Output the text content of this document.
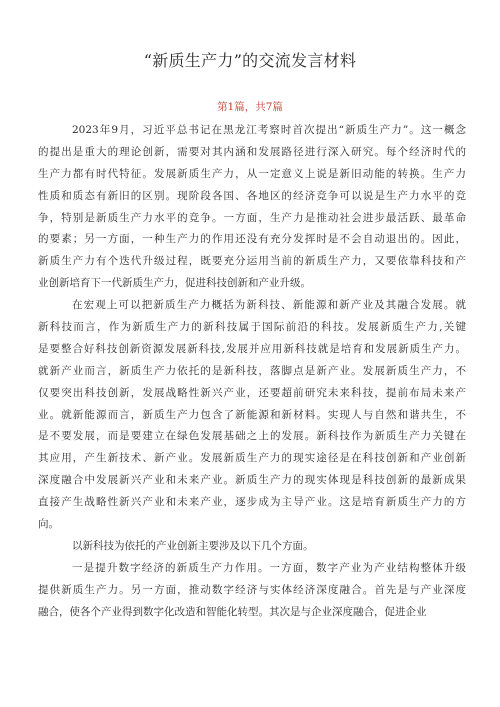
“新质生产力”的交流发言材料
第1篇，共7篇
2023年9月，习近平总书记在黑龙江考察时首次提出“新质生产力”。这一概念
的提出是重大的理论创新，需要对其内涵和发展路径进行深入研究。每个经济时代的
生产力都有时代特征。发展新质生产力，从一定意义上说是新旧动能的转换。生产力
性质和质态有新旧的区别。现阶段各国、各地区的经济竞争可以说是生产力水平的竞
争，特别是新质生产力水平的竞争。一方面，生产力是推动社会进步最活跃、最革命
的要素；另一方面，一种生产力的作用还没有充分发挥时是不会自动退出的。因此，
新质生产力有个迭代升级过程，既要充分运用当前的新质生产力，又要依靠科技和产
业创新培育下一代新质生产力，促进科技创新和产业升级。
在宏观上可以把新质生产力概括为新科技、新能源和新产业及其融合发展。就
新科技而言，作为新质生产力的新科技属于国际前沿的科技。发展新质生产力,关键
是要整合好科技创新资源发展新科技,发展并应用新科技就是培育和发展新质生产力。
就新产业而言，新质生产力依托的是新科技，落脚点是新产业。发展新质生产力，不
仅要突出科技创新，发展战略性新兴产业，还要超前研究未来科技，提前布局未来产
业。就新能源而言，新质生产力包含了新能源和新材料。实现人与自然和谐共生，不
是不要发展，而是要建立在绿色发展基础之上的发展。新科技作为新质生产力关键在
其应用，产生新技术、新产业。发展新质生产力的现实途径是在科技创新和产业创新
深度融合中发展新兴产业和未来产业。新质生产力的现实体现是科技创新的最新成果
直接产生战略性新兴产业和未来产业，逐步成为主导产业。这是培育新质生产力的方
向。
以新科技为依托的产业创新主要涉及以下几个方面。
一是提升数字经济的新质生产力作用。一方面，数字产业为产业结构整体升级
提供新质生产力。另一方面，推动数字经济与实体经济深度融合。首先是与产业深度
融合，使各个产业得到数字化改造和智能化转型。其次是与企业深度融合，促进企业
